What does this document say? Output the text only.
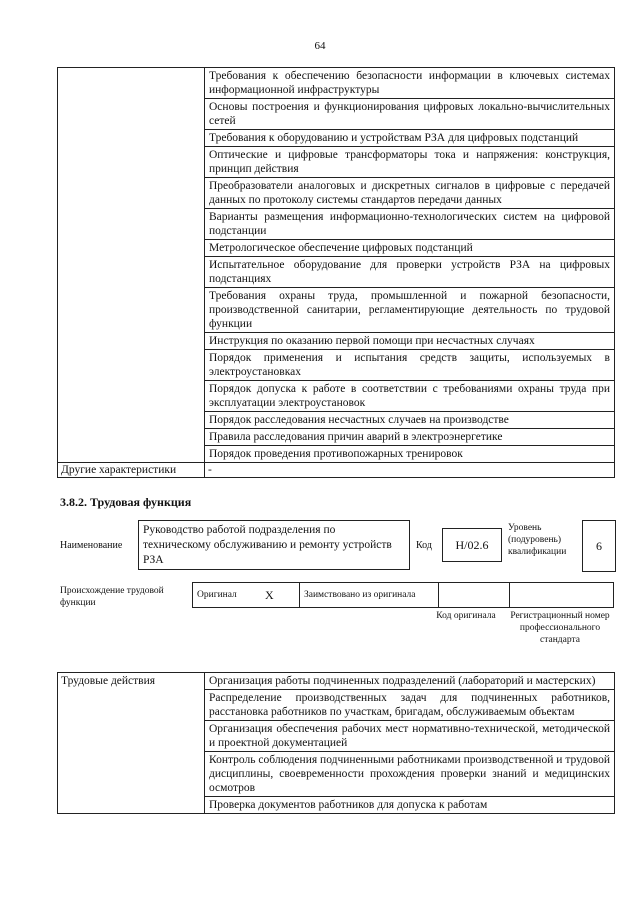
64
	Требования к обеспечению безопасности информации в ключевых системах информационной инфраструктуры
	Основы построения и функционирования цифровых локально-вычислительных сетей
	Требования к оборудованию и устройствам РЗА для цифровых подстанций
	Оптические и цифровые трансформаторы тока и напряжения: конструкция, принцип действия
	Преобразователи аналоговых и дискретных сигналов в цифровые с передачей данных по протоколу системы стандартов передачи данных
	Варианты размещения информационно-технологических систем на цифровой подстанции
	Метрологическое обеспечение цифровых подстанций
	Испытательное оборудование для проверки устройств РЗА на цифровых подстанциях
	Требования охраны труда, промышленной и пожарной безопасности, производственной санитарии, регламентирующие деятельность по трудовой функции
	Инструкция по оказанию первой помощи при несчастных случаях
	Порядок применения и испытания средств защиты, используемых в электроустановках
	Порядок допуска к работе в соответствии с требованиями охраны труда при эксплуатации электроустановок
	Порядок расследования несчастных случаев на производстве
	Правила расследования причин аварий в электроэнергетике
	Порядок проведения противопожарных тренировок
Другие характеристики	-
3.8.2. Трудовая функция
Наименование
Руководство работой подразделения по техническому обслуживанию и ремонту устройств РЗА
Код	Н/02.6
Уровень (подуровень) квалификации	6
Происхождение трудовой функции
Оригинал	X	Заимствовано из оригинала		
Код оригинала	Регистрационный номер профессионального стандарта
Трудовые действия	Организация работы подчиненных подразделений (лабораторий и мастерских)
Распределение производственных задач для подчиненных работников, расстановка работников по участкам, бригадам, обслуживаемым объектам
Организация обеспечения рабочих мест нормативно-технической, методической и проектной документацией
Контроль соблюдения подчиненными работниками производственной и трудовой дисциплины, своевременности прохождения проверки знаний и медицинских осмотров
Проверка документов работников для допуска к работам
